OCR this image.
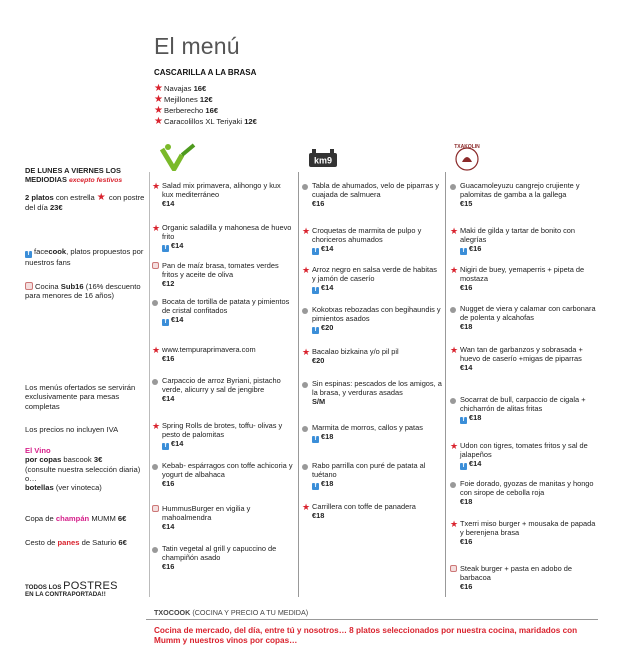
El menú
CASCARILLA A LA BRASA
★ Navajas
16€
★ Mejillones
12€
★ Berberecho
16€
★ Caracolillos XL Teriyaki
12€
km9
TXAKOLIN
★ Salad mix primavera, alihongo y kux kux mediterráneo
€14
★ Organic saladilla y mahonesa de huevo frito
f €14
Pan de maíz brasa, tomates verdes fritos y aceite de oliva
€12
Bocata de tortilla de patata y pimientos de cristal confitados
f €14
★ www.tempuraprimavera.com
€16
Carpaccio de arroz Byriani, pistacho verde, alicurry y sal de jengibre
€14
★ Spring Rolls de brotes, toffu- olivas y pesto de palomitas
f €14
Kebab- espárragos con toffe achicoria y yogurt de albahaca
€16
HummusBurger en vigilia y mahoalmendra
€14
Tatin vegetal al grill y capuccino de champiñón asado
€16
Tabla de ahumados, velo de piparras y cuajada de salmuera
€16
★ Croquetas de marmita de pulpo y choriceros ahumados
f €14
★ Arroz negro en salsa verde de habitas y jamón de caserío
f €14
Kokotxas rebozadas con begihaundis y pimientos asados
f €20
★ Bacalao bizkaina y/o pil pil
€20
Sin espinas: pescados de los amigos, a la brasa, y verduras asadas
S/M
Marmita de morros, callos y patas
f €18
Rabo parrilla con puré de patata al tuétano
f €18
★ Carrillera con toffe de panadera
€18
Guacamoleyuzu cangrejo crujiente y palomitas de gamba a la gallega
€15
★ Maki de gilda y tartar de bonito con alegrías
f €16
★ Nigiri de buey, yemaperris + pipeta de mostaza
€16
Nugget de viera y calamar con carbonara de polenta y alcahofas
€18
★ Wan tan de garbanzos y sobrasada + huevo de caserío +migas de piparras
€14
Socarrat de bull, carpaccio de cigala + chicharrón de alitas fritas
f €18
★ Udon con tigres, tomates fritos y sal de jalapeños
f €14
Foie dorado, gyozas de manitas y hongo con sirope de cebolla roja
€18
★ Txerri miso burger + mousaka de papada y berenjena brasa
€16
Steak burger + pasta en adobo de barbacoa
€16
DE LUNES A VIERNES LOS MEDIODIAS excepto festivos
2 platos con estrella ★ con postre del día 23€
f facecook, platos propuestos por nuestros fans
Cocina Sub16 (16% descuento para menores de 16 años)
Los menús ofertados se servirán exclusivamente para mesas completas
Los precios no incluyen IVA
El Vino
por copas bascook 3€
(consulte nuestra selección diaria) o…
botellas (ver vinoteca)
Copa de champán MUMM 6€
Cesto de panes de Saturio 6€
TODOS LOS POSTRES
EN LA CONTRAPORTADA!!
TXOCOOK (COCINA Y PRECIO A TU MEDIDA)
Cocina de mercado, del día, entre tú y nosotros… 8 platos seleccionados por nuestra cocina, maridados con Mumm y nuestros vinos por copas…
